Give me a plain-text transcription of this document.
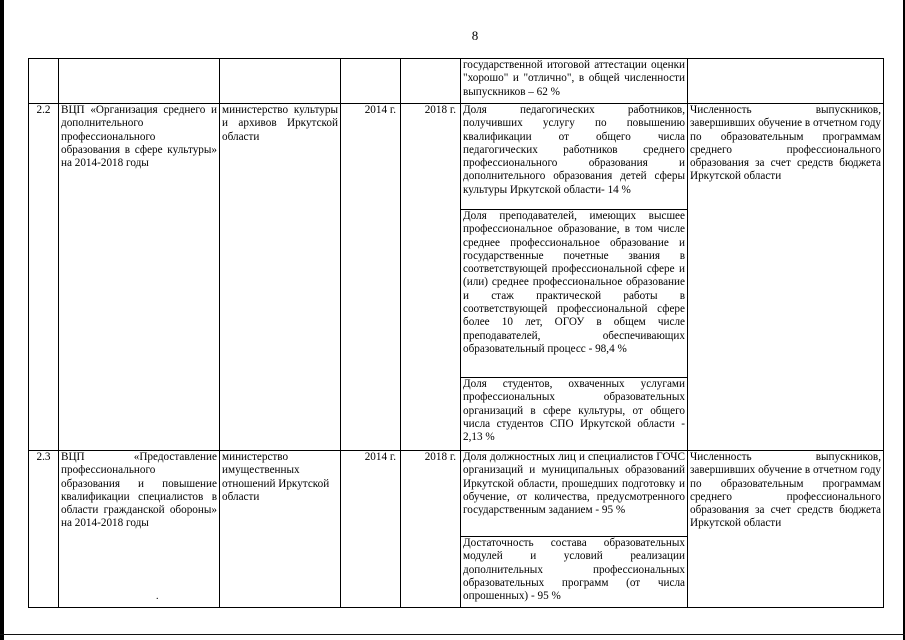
8
					государственной итоговой аттестации оценки "хорошо" и "отлично", в общей численности выпускников – 62 %	
2.2	ВЦП «Организация среднего и дополнительного профессионального образования в сфере культуры» на 2014-2018 годы	министерство культуры и архивов Иркутской области	2014 г.	2018 г.	Доля педагогических работников, получивших услугу по повышению квалификации от общего числа педагогических работников среднего профессионального образования и дополнительного образования детей сферы культуры Иркутской области- 14 %	Численность выпускников, завершивших обучение в отчетном году по образовательным программам среднего профессионального образования за счет средств бюджета Иркутской области
					Доля преподавателей, имеющих высшее профессиональное образование, в том числе среднее профессиональное образование и государственные почетные звания в соответствующей профессиональной сфере и (или) среднее профессиональное образование и стаж практической работы в соответствующей профессиональной сфере более 10 лет, ОГОУ в общем числе преподавателей, обеспечивающих образовательный процесс - 98,4 %	
					Доля студентов, охваченных услугами профессиональных образовательных организаций в сфере культуры, от общего числа студентов СПО Иркутской области - 2,13 %	
2.3	ВЦП «Предоставление профессионального образования и повышение квалификации специалистов в области гражданской обороны» на 2014-2018 годы	министерство имущественных отношений Иркутской области	2014 г.	2018 г.	Доля должностных лиц и специалистов ГОЧС организаций и муниципальных образований Иркутской области, прошедших подготовку и обучение, от количества, предусмотренного государственным заданием - 95 %	Численность выпускников, завершивших обучение в отчетном году по образовательным программам среднего профессионального образования за счет средств бюджета Иркутской области
					Достаточность состава образовательных модулей и условий реализации дополнительных профессиональных образовательных программ (от числа опрошенных) - 95 %	
.
